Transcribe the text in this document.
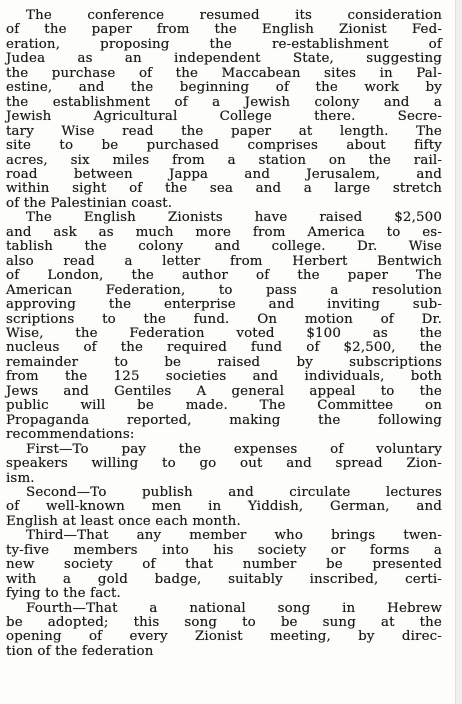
The conference resumed its consideration
of the paper from the English Zionist Fed-
eration, proposing the re-establishment of
Judea as an independent State, suggesting
the purchase of the Maccabean sites in Pal-
estine, and the beginning of the work by
the establishment of a Jewish colony and a
Jewish Agricultural College there. Secre-
tary Wise read the paper at length. The
site to be purchased comprises about fifty
acres, six miles from a station on the rail-
road between Jappa and Jerusalem, and
within sight of the sea and a large stretch
of the Palestinian coast.
The English Zionists have raised $2,500
and ask as much more from America to es-
tablish the colony and college. Dr. Wise
also read a letter from Herbert Bentwich
of London, the author of the paper The
American Federation, to pass a resolution
approving the enterprise and inviting sub-
scriptions to the fund. On motion of Dr.
Wise, the Federation voted $100 as the
nucleus of the required fund of $2,500, the
remainder to be raised by subscriptions
from the 125 societies and individuals, both
Jews and Gentiles A general appeal to the
public will be made. The Committee on
Propaganda reported, making the following
recommendations:
First—To pay the expenses of voluntary
speakers willing to go out and spread Zion-
ism.
Second—To publish and circulate lectures
of well-known men in Yiddish, German, and
English at least once each month.
Third—That any member who brings twen-
ty-five members into his society or forms a
new society of that number be presented
with a gold badge, suitably inscribed, certi-
fying to the fact.
Fourth—That a national song in Hebrew
be adopted; this song to be sung at the
opening of every Zionist meeting, by direc-
tion of the federation
